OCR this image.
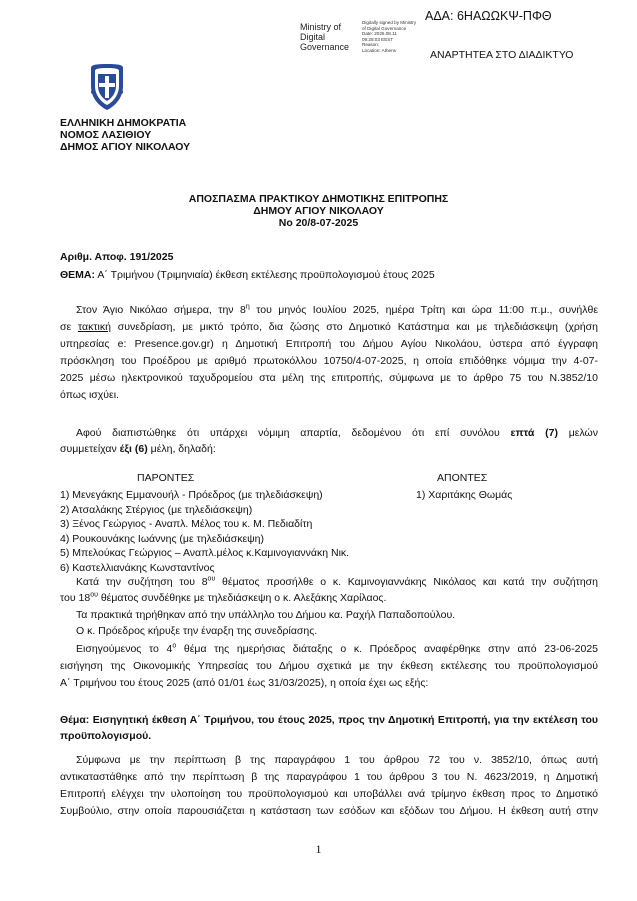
Ministry of
Digital
Governance
Digitally signed by Ministry
of Digital Governance
Date: 2025.08.11
09:28:03 EEST
Reason:
Location: Athens
ΑΔΑ: 6ΗΑΩΩΚΨ-ΠΦΘ
ΑΝΑΡΤΗΤΕΑ ΣΤΟ ΔΙΑΔΙΚΤΥΟ
ΕΛΛΗΝΙΚΗ ΔΗΜΟΚΡΑΤΙΑ
ΝΟΜΟΣ ΛΑΣΙΘΙΟΥ
ΔΗΜΟΣ ΑΓΙΟΥ ΝΙΚΟΛΑΟΥ
ΑΠΟΣΠΑΣΜΑ ΠΡΑΚΤΙΚΟΥ ΔΗΜΟΤΙΚΗΣ ΕΠΙΤΡΟΠΗΣ
ΔΗΜΟΥ ΑΓΙΟΥ ΝΙΚΟΛΑΟΥ
Νο 20/8-07-2025
Αριθμ. Αποφ. 191/2025
ΘΕΜΑ: Α΄ Τριμήνου (Τριμηνιαία) έκθεση εκτέλεσης προϋπολογισμού έτους 2025
Στον Άγιο Νικόλαο σήμερα, την $8^\eta$ του μηνός Ιουλίου 2025, ημέρα Τρίτη και ώρα 11:00 π.μ., συνήλθε
σε τακτική συνεδρίαση, με μικτό τρόπο, δια ζώσης στο Δημοτικό Κατάστημα και με τηλεδιάσκεψη (χρήση
υπηρεσίας e: Presence.gov.gr) η Δημοτική Επιτροπή του Δήμου Αγίου Νικολάου, ύστερα από έγγραφη
πρόσκληση του Προέδρου με αριθμό πρωτοκόλλου 10750/4-07-2025, η οποία επιδόθηκε νόμιμα την 4-07-
2025 μέσω ηλεκτρονικού ταχυδρομείου στα μέλη της επιτροπής, σύμφωνα με το άρθρο 75 του Ν.3852/10
όπως ισχύει.
Αφού διαπιστώθηκε ότι υπάρχει νόμιμη απαρτία, δεδομένου ότι επί συνόλου επτά (7) μελών
συμμετείχαν έξι (6) μέλη, δηλαδή:
ΠΑΡΟΝΤΕΣ	ΑΠΟΝΤΕΣ
1) Μενεγάκης Εμμανουήλ - Πρόεδρος (με τηλεδιάσκεψη)
2) Ατσαλάκης Στέργιος (με τηλεδιάσκεψη)
3) Ξένος Γεώργιος - Αναπλ. Μέλος του κ. Μ. Πεδιαδίτη
4) Ρουκουνάκης Ιωάννης (με τηλεδιάσκεψη)
5) Μπελούκας Γεώργιος – Αναπλ.μέλος κ.Καμινογιαννάκη Νικ.
6) Καστελλιανάκης Κωνσταντίνος
1) Χαριτάκης Θωμάς
Κατά την συζήτηση του $8^{o\upsilon}$ θέματος προσήλθε ο κ. Καμινογιαννάκης Νικόλαος και κατά την συζήτηση
του $18^{o\upsilon}$ θέματος συνδέθηκε με τηλεδιάσκεψη ο κ. Αλεξάκης Χαρίλαος.
Τα πρακτικά τηρήθηκαν από την υπάλληλο του Δήμου κα. Ραχήλ Παπαδοπούλου.
Ο κ. Πρόεδρος κήρυξε την έναρξη της συνεδρίασης.
Εισηγούμενος το $4^o$ θέμα της ημερήσιας διάταξης ο κ. Πρόεδρος αναφέρθηκε στην από 23-06-2025
εισήγηση της Οικονομικής Υπηρεσίας του Δήμου σχετικά με την έκθεση εκτέλεσης του προϋπολογισμού
Α΄ Τριμήνου του έτους 2025 (από 01/01 έως 31/03/2025), η οποία έχει ως εξής:
Θέμα: Εισηγητική έκθεση Α΄ Τριμήνου, του έτους 2025, προς την Δημοτική Επιτροπή, για την εκτέλεση του
προϋπολογισμού.
Σύμφωνα με την περίπτωση β της παραγράφου 1 του άρθρου 72 του ν. 3852/10, όπως αυτή
αντικαταστάθηκε από την περίπτωση β της παραγράφου 1 του άρθρου 3 του Ν. 4623/2019, η Δημοτική
Επιτροπή ελέγχει την υλοποίηση του προϋπολογισμού και υποβάλλει ανά τρίμηνο έκθεση προς το Δημοτικό
Συμβούλιο, στην οποία παρουσιάζεται η κατάσταση των εσόδων και εξόδων του Δήμου. Η έκθεση αυτή στην
1
